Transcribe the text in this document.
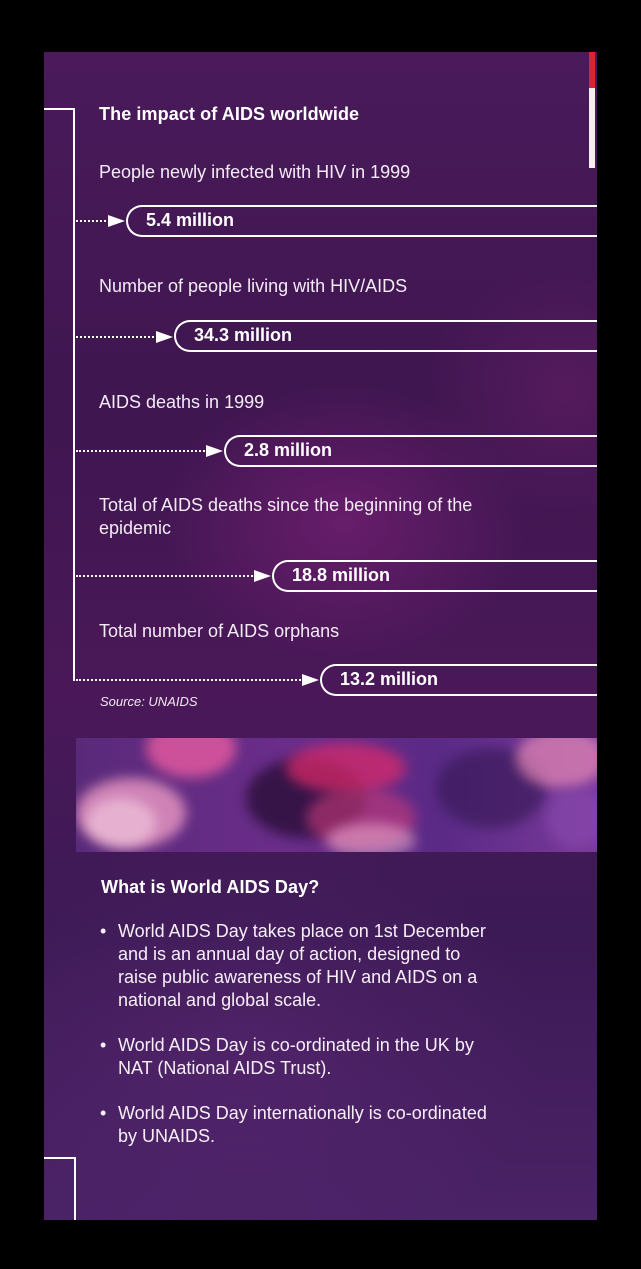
The impact of AIDS worldwide
People newly infected with HIV in 1999
5.4 million
Number of people living with HIV/AIDS
34.3 million
AIDS deaths in 1999
2.8 million
Total of AIDS deaths since the beginning of the
epidemic
18.8 million
Total number of AIDS orphans
13.2 million
Source: UNAIDS
What is World AIDS Day?
• World AIDS Day takes place on 1st December
and is an annual day of action, designed to
raise public awareness of HIV and AIDS on a
national and global scale.
• World AIDS Day is co-ordinated in the UK by
NAT (National AIDS Trust).
• World AIDS Day internationally is co-ordinated
by UNAIDS.
